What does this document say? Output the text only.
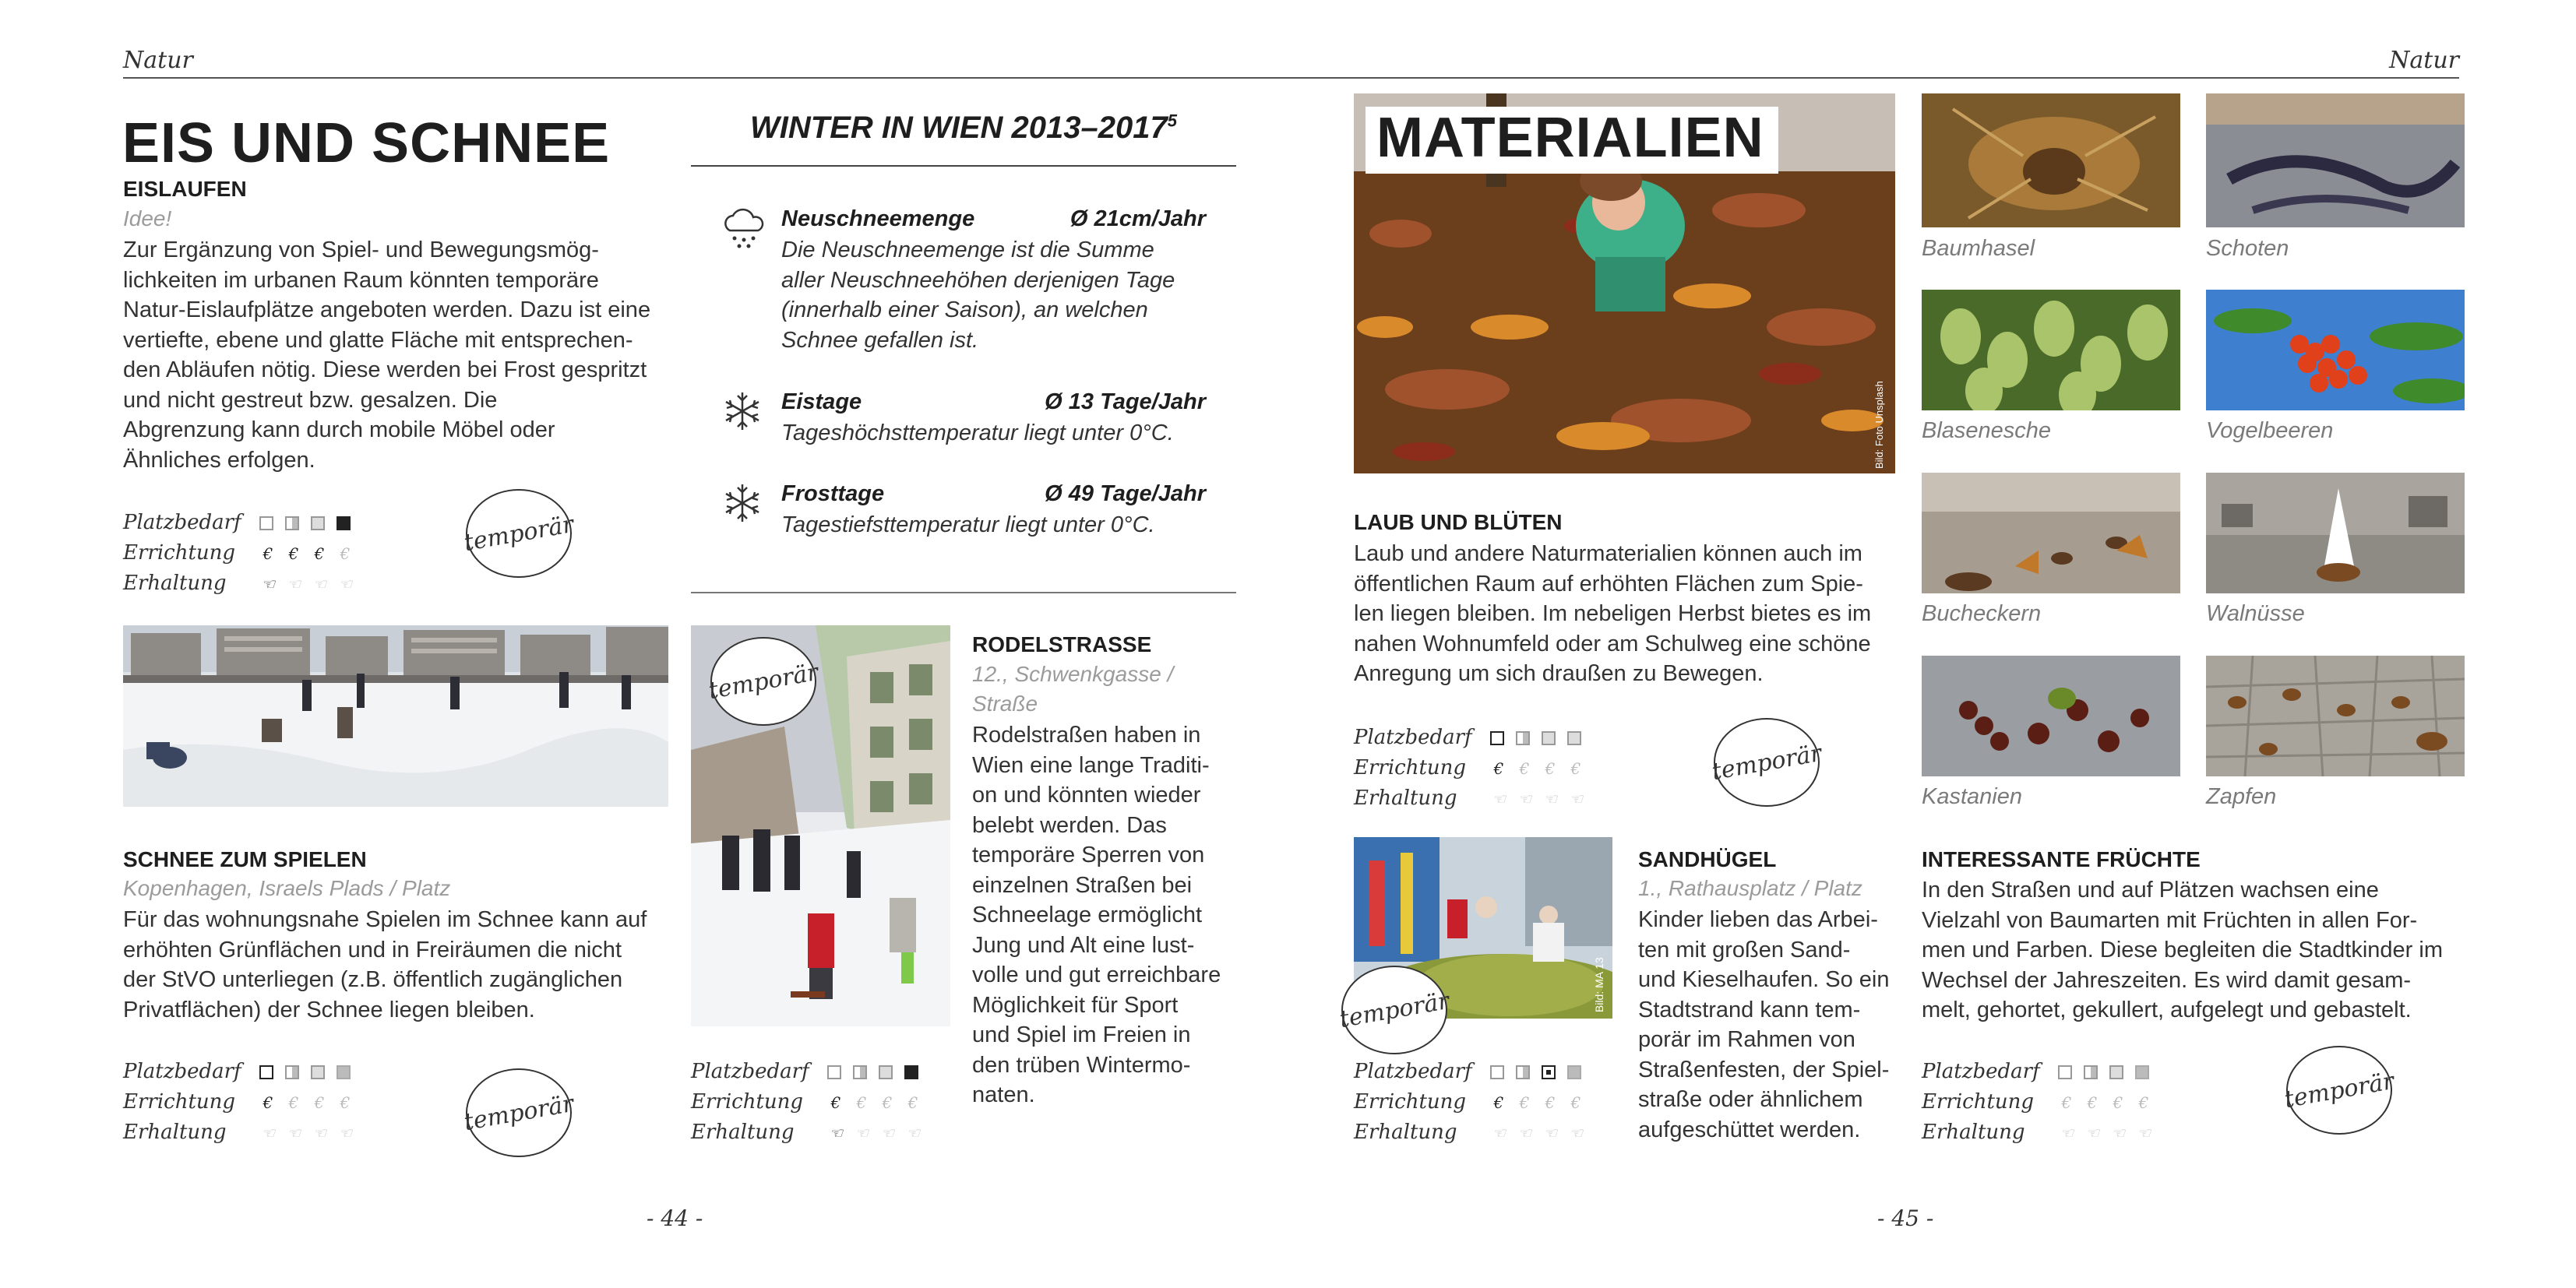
Natur	Natur
EIS UND SCHNEE
EISLAUFEN
Idee!
Zur Ergänzung von Spiel- und Bewegungsmög-
lichkeiten im urbanen Raum könnten temporäre
Natur-Eislaufplätze angeboten werden. Dazu ist eine
vertiefte, ebene und glatte Fläche mit entsprechen-
den Abläufen nötig. Diese werden bei Frost gespritzt
und nicht gestreut bzw. gesalzen. Die
Abgrenzung kann durch mobile Möbel oder
Ähnliches erfolgen.
Platzbedarf
Errichtung € € € €
Erhaltung ☜ ☜ ☜ ☜
temporär
WINTER IN WIEN 2013–2017$^5$
Neuschneemenge	Ø 21cm/Jahr
Die Neuschneemenge ist die Summe
aller Neuschneehöhen derjenigen Tage
(innerhalb einer Saison), an welchen
Schnee gefallen ist.
Eistage	Ø 13 Tage/Jahr
Tageshöchsttemperatur liegt unter 0°C.
Frosttage	Ø 49 Tage/Jahr
Tagestiefsttemperatur liegt unter 0°C.
SCHNEE ZUM SPIELEN
Kopenhagen, Israels Plads / Platz
Für das wohnungsnahe Spielen im Schnee kann auf
erhöhten Grünflächen und in Freiräumen die nicht
der StVO unterliegen (z.B. öffentlich zugänglichen
Privatflächen) der Schnee liegen bleiben.
Platzbedarf
Errichtung € € € €
Erhaltung ☜ ☜ ☜ ☜	temporär
temporär
RODELSTRASSE
12., Schwenkgasse /
Straße
Rodelstraßen haben in
Wien eine lange Traditi-
on und könnten wieder
belebt werden. Das
temporäre Sperren von
einzelnen Straßen bei
Schneelage ermöglicht
Jung und Alt eine lust-
volle und gut erreichbare
Möglichkeit für Sport
und Spiel im Freien in
den trüben Wintermo-
naten.
Platzbedarf
Errichtung € € € €
Erhaltung ☜ ☜ ☜ ☜
- 44 -
MATERIALIEN
Bild: Foto Unsplash
LAUB UND BLÜTEN
Laub und andere Naturmaterialien können auch im
öffentlichen Raum auf erhöhten Flächen zum Spie-
len liegen bleiben. Im nebeligen Herbst bietes es im
nahen Wohnumfeld oder am Schulweg eine schöne
Anregung um sich draußen zu Bewegen.
Platzbedarf
Errichtung € € € €
Erhaltung ☜ ☜ ☜ ☜
temporär
temporär	Bild: MA 13
SANDHÜGEL
1., Rathausplatz / Platz
Kinder lieben das Arbei-
ten mit großen Sand-
und Kieselhaufen. So ein
Stadtstrand kann tem-
porär im Rahmen von
Straßenfesten, der Spiel-
straße oder ähnlichem
aufgeschüttet werden.
Platzbedarf
Errichtung € € € €
Erhaltung ☜ ☜ ☜ ☜
Baumhasel	Schoten
Blasenesche	Vogelbeeren
Bucheckern	Walnüsse
Kastanien	Zapfen
INTERESSANTE FRÜCHTE
In den Straßen und auf Plätzen wachsen eine
Vielzahl von Baumarten mit Früchten in allen For-
men und Farben. Diese begleiten die Stadtkinder im
Wechsel der Jahreszeiten. Es wird damit gesam-
melt, gehortet, gekullert, aufgelegt und gebastelt.
Platzbedarf
Errichtung € € € €
Erhaltung ☜ ☜ ☜ ☜
temporär
- 45 -
